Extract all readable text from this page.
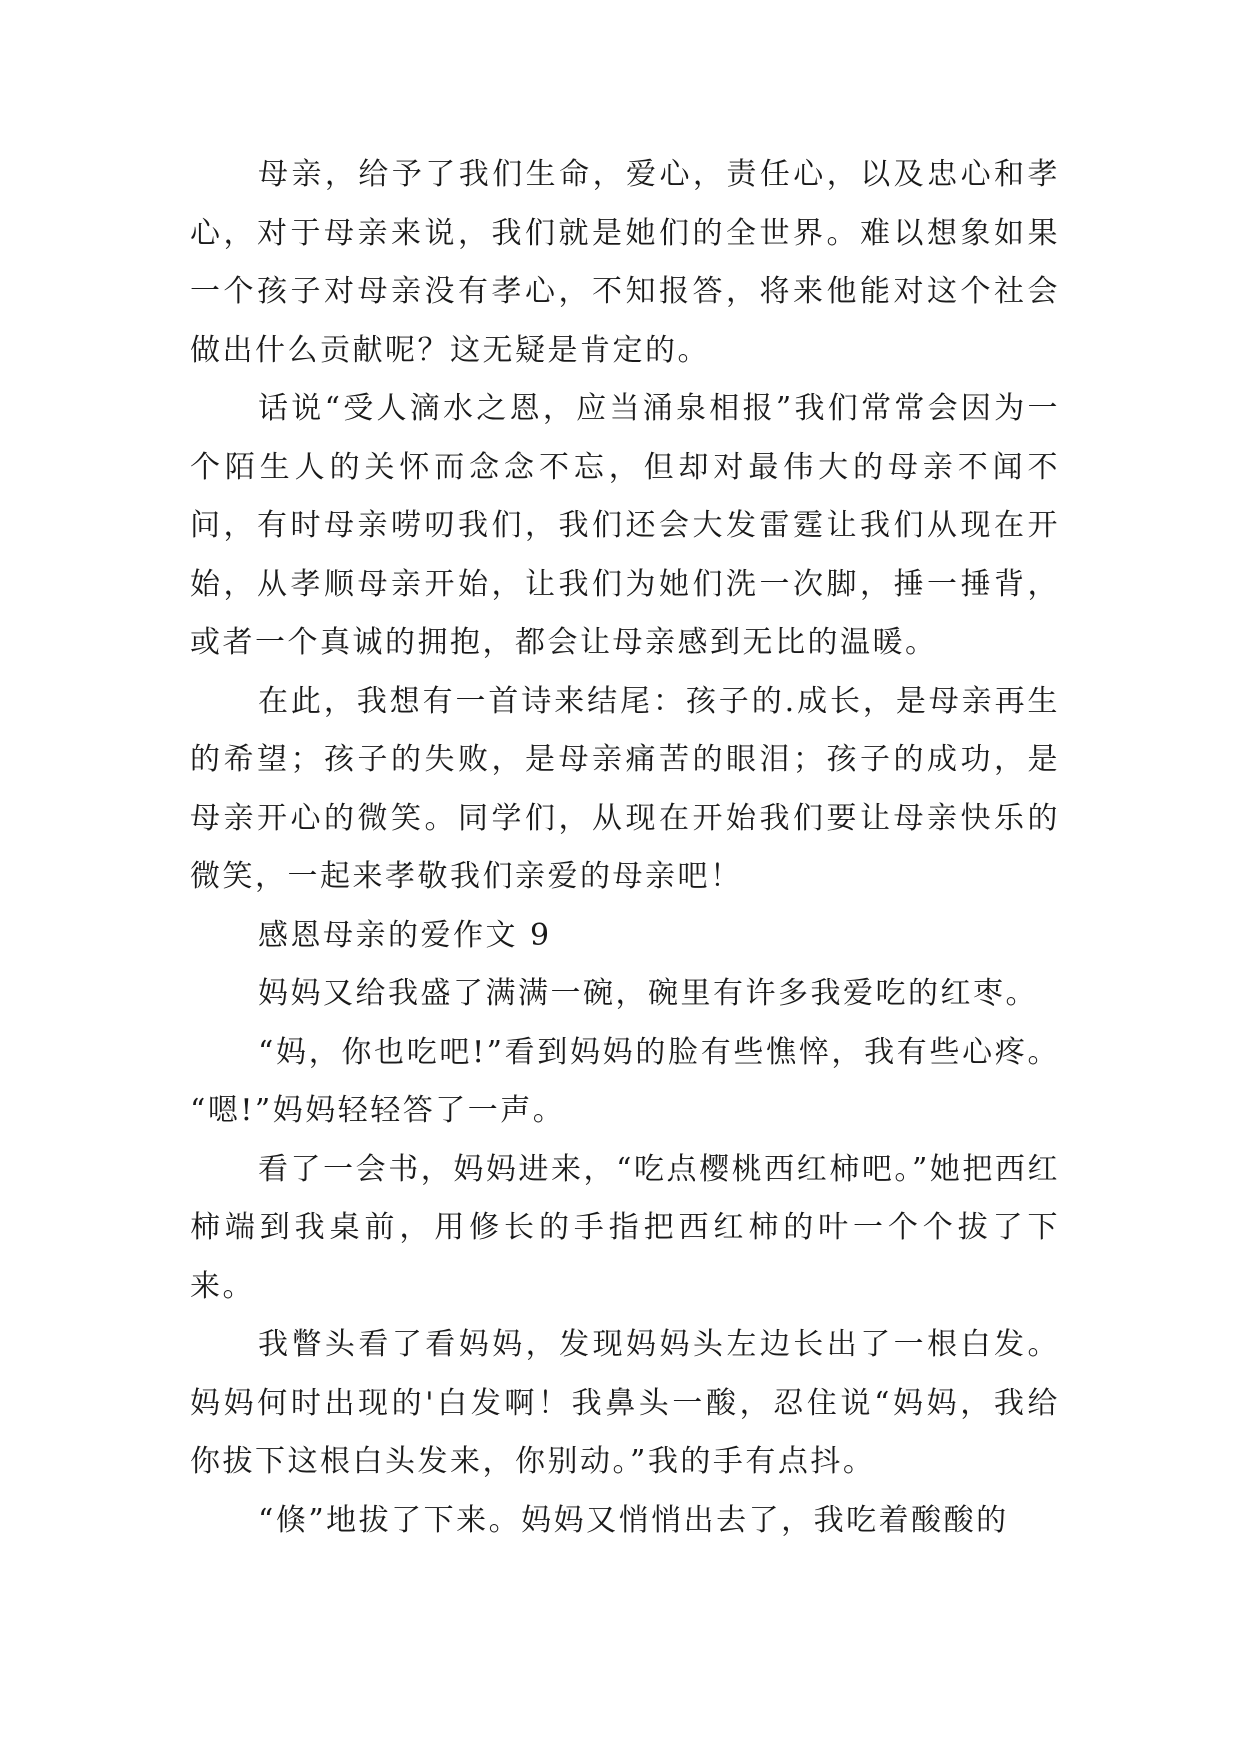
母亲，给予了我们生命，爱心，责任心，以及忠心和孝心，对于母亲来说，我们就是她们的全世界。难以想象如果一个孩子对母亲没有孝心，不知报答，将来他能对这个社会做出什么贡献呢？这无疑是肯定的。

话说“受人滴水之恩，应当涌泉相报”我们常常会因为一个陌生人的关怀而念念不忘，但却对最伟大的母亲不闻不问，有时母亲唠叨我们，我们还会大发雷霆让我们从现在开始，从孝顺母亲开始，让我们为她们洗一次脚，捶一捶背，或者一个真诚的拥抱，都会让母亲感到无比的温暖。

在此，我想有一首诗来结尾：孩子的.成长，是母亲再生的希望；孩子的失败，是母亲痛苦的眼泪；孩子的成功，是母亲开心的微笑。同学们，从现在开始我们要让母亲快乐的微笑，一起来孝敬我们亲爱的母亲吧！

感恩母亲的爱作文 9

妈妈又给我盛了满满一碗，碗里有许多我爱吃的红枣。

“妈，你也吃吧!”看到妈妈的脸有些憔悴，我有些心疼。 “嗯!”妈妈轻轻答了一声。

看了一会书，妈妈进来，“吃点樱桃西红柿吧。”她把西红柿端到我桌前，用修长的手指把西红柿的叶一个个拔了下来。

我瞥头看了看妈妈，发现妈妈头左边长出了一根白发。妈妈何时出现的'白发啊！我鼻头一酸，忍住说“妈妈，我给你拔下这根白头发来，你别动。”我的手有点抖。

“倏”地拔了下来。妈妈又悄悄出去了，我吃着酸酸的
